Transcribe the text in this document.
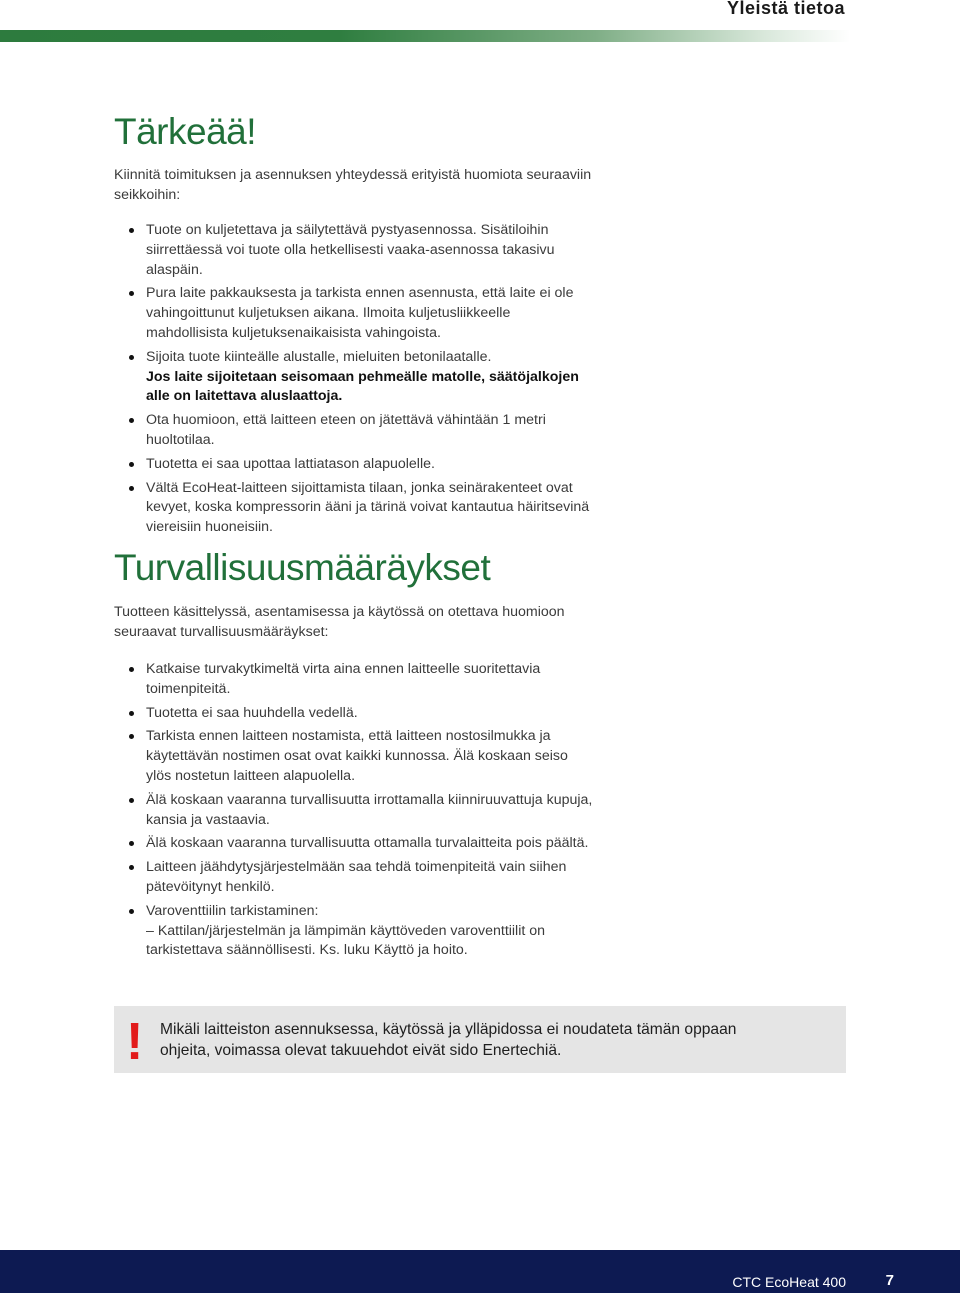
Yleistä tietoa
Tärkeää!

Kiinnitä toimituksen ja asennuksen yhteydessä erityistä huomiota seuraaviin seikkoihin:

Tuote on kuljetettava ja säilytettävä pystyasennossa. Sisätiloihin siirrettäessä voi tuote olla hetkellisesti vaaka-asennossa takasivu alaspäin.
Pura laite pakkauksesta ja tarkista ennen asennusta, että laite ei ole vahingoittunut kuljetuksen aikana. Ilmoita kuljetusliikkeelle mahdollisista kuljetuksenaikaisista vahingoista.
Sijoita tuote kiinteälle alustalle, mieluiten betonilaatalle.
Jos laite sijoitetaan seisomaan pehmeälle matolle, säätöjalkojen alle on laitettava aluslaattoja.
Ota huomioon, että laitteen eteen on jätettävä vähintään 1 metri huoltotilaa.
Tuotetta ei saa upottaa lattiatason alapuolelle.
Vältä EcoHeat-laitteen sijoittamista tilaan, jonka seinärakenteet ovat kevyet, koska kompressorin ääni ja tärinä voivat kantautua häiritsevinä viereisiin huoneisiin.
Turvallisuusmääräykset

Tuotteen käsittelyssä, asentamisessa ja käytössä on otettava huomioon seuraavat turvallisuusmääräykset:

Katkaise turvakytkimeltä virta aina ennen laitteelle suoritettavia toimenpiteitä.
Tuotetta ei saa huuhdella vedellä.
Tarkista ennen laitteen nostamista, että laitteen nostosilmukka ja käytettävän nostimen osat ovat kaikki kunnossa. Älä koskaan seiso ylös nostetun laitteen alapuolella.
Älä koskaan vaaranna turvallisuutta irrottamalla kiinniruuvattuja kupuja, kansia ja vastaavia.
Älä koskaan vaaranna turvallisuutta ottamalla turvalaitteita pois päältä.
Laitteen jäähdytysjärjestelmään saa tehdä toimenpiteitä vain siihen pätevöitynyt henkilö.
Varoventtiilin tarkistaminen:
– Kattilan/järjestelmän ja lämpimän käyttöveden varoventtiilit on tarkistettava säännöllisesti. Ks. luku Käyttö ja hoito.
! Mikäli laitteiston asennuksessa, käytössä ja ylläpidossa ei noudateta tämän oppaan ohjeita, voimassa olevat takuuehdot eivät sido Enertechiä.
CTC EcoHeat 400	7
